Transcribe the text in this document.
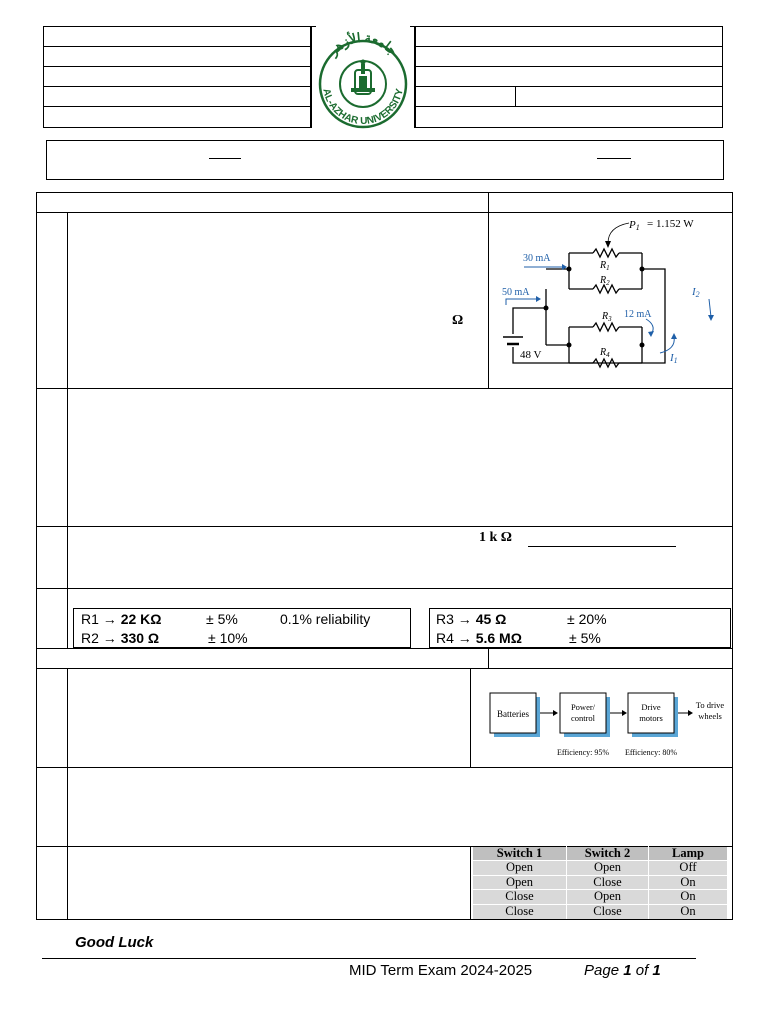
جامعة الأزهر
AL-AZHAR UNIVERSITY
Ω
P1 = 1.152 W
48 V
$R_1$
$R_2$
$R_3$
$R_4$
30 mA
50 mA
12 mA
I2
I1
1 k Ω
R1 → 22 KΩ	± 5%	0.1% reliability
R2 → 330 Ω	± 10%
R3 → 45 Ω	± 20%
R4 → 5.6 MΩ	± 5%
Batteries
Power/
control
Drive
motors
To drive
wheels
Efficiency: 95% Efficiency: 80%
Switch 1	Switch 2	Lamp
Open	Open	Off
Open	Close	On
Close	Open	On
Close	Close	On
Good Luck
MID Term Exam 2024-2025	Page 1 of 1
